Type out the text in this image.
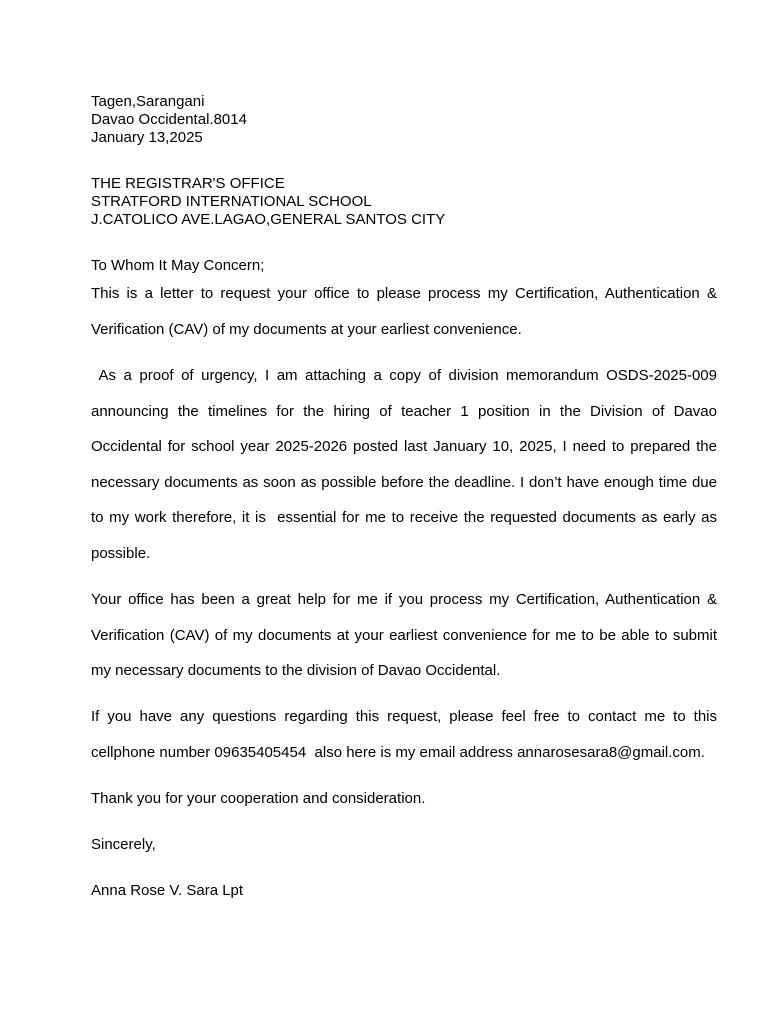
Tagen,Sarangani
Davao Occidental.8014
January 13,2025
THE REGISTRAR'S OFFICE
STRATFORD INTERNATIONAL SCHOOL
J.CATOLICO AVE.LAGAO,GENERAL SANTOS CITY
To Whom It May Concern;
This is a letter to request your office to please process my Certification, Authentication & Verification (CAV) of my documents at your earliest convenience.
As a proof of urgency, I am attaching a copy of division memorandum OSDS-2025-009 announcing the timelines for the hiring of teacher 1 position in the Division of Davao Occidental for school year 2025-2026 posted last January 10, 2025, I need to prepared the necessary documents as soon as possible before the deadline. I don’t have enough time due to my work therefore, it is  essential for me to receive the requested documents as early as possible.
Your office has been a great help for me if you process my Certification, Authentication & Verification (CAV) of my documents at your earliest convenience for me to be able to submit my necessary documents to the division of Davao Occidental.
If you have any questions regarding this request, please feel free to contact me to this cellphone number 09635405454  also here is my email address annarosesara8@gmail.com.
Thank you for your cooperation and consideration.
Sincerely,
Anna Rose V. Sara Lpt
